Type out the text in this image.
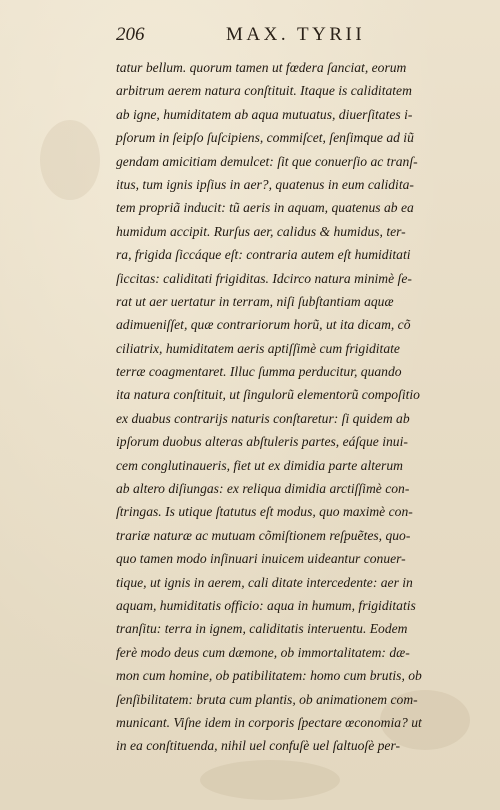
206	MAX. TYRII
tatur bellum. quorum tamen ut fœdera ſanciat, eorum
arbitrum aerem natura conſtituit. Itaque is caliditatem
ab igne, humiditatem ab aqua mutuatus, diuerſitates i-
pſorum in ſeipſo ſuſcipiens, commiſcet, ſenſimque ad iũ
gendam amicitiam demulcet: ſit que conuerſio ac tranſ-
itus, tum ignis ipſius in aer?, quatenus in eum calidita-
tem propriã inducit: tũ aeris in aquam, quatenus ab ea
humidum accipit. Rurſus aer, calidus & humidus, ter-
ra, frigida ſiccáque eſt: contraria autem eſt humiditati
ſiccitas: caliditati frigiditas. Idcirco natura minimè ſe-
rat ut aer uertatur in terram, niſi ſubſtantiam aquæ
adimueniſſet, quæ contrariorum horũ, ut ita dicam, cõ
ciliatrix, humiditatem aeris aptiſſimè cum frigiditate
terræ coagmentaret. Illuc ſumma perducitur, quando
ita natura conſtituit, ut ſingulorũ elementorũ compoſitio
ex duabus contrarijs naturis conſtaretur: ſi quidem ab
ipſorum duobus alteras abſtuleris partes, eáſque inui-
cem conglutinaueris, fiet ut ex dimidia parte alterum
ab altero diſiungas: ex reliqua dimidia arctiſſimè con-
ſtringas. Is utique ſtatutus eſt modus, quo maximè con-
trariæ naturæ ac mutuam cõmiſtionem reſpuẽtes, quo-
quo tamen modo inſinuari inuicem uideantur conuer-
tique, ut ignis in aerem, cali ditate intercedente: aer in
aquam, humiditatis officio: aqua in humum, frigiditatis
tranſitu: terra in ignem, caliditatis interuentu. Eodem
ferè modo deus cum dæmone, ob immortalitatem: dæ-
mon cum homine, ob patibilitatem: homo cum brutis, ob
ſenſibilitatem: bruta cum plantis, ob animationem com-
municant. Viſne idem in corporis ſpectare œconomia? ut
in ea conſtituenda, nihil uel confuſè uel ſaltuoſè per-
